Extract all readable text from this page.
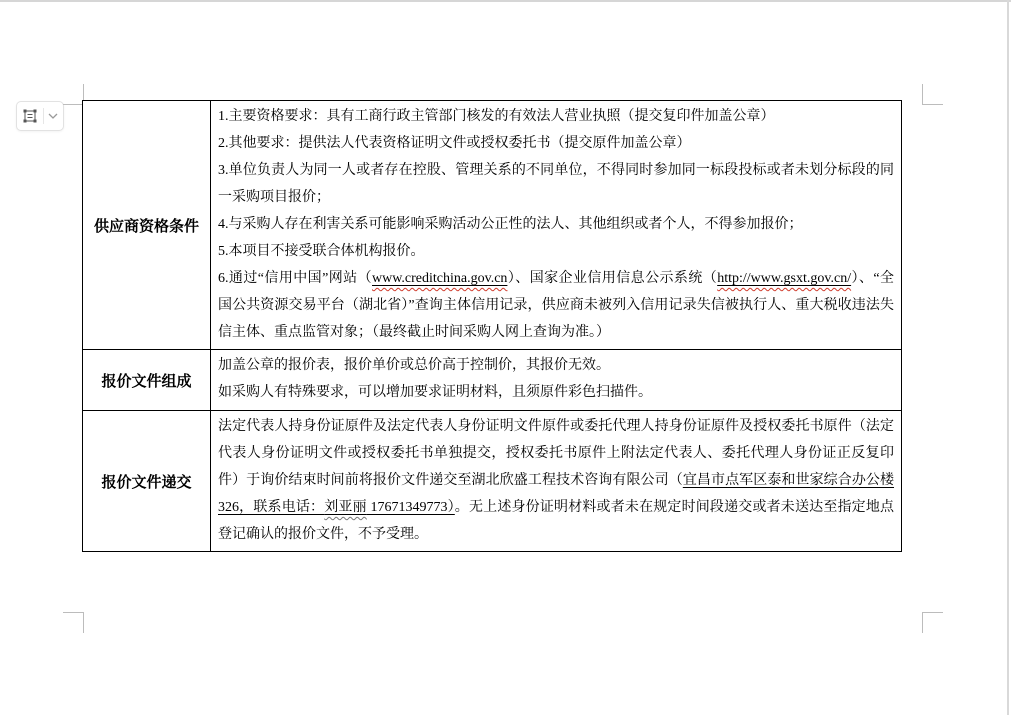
供应商资格条件

1.主要资格要求：具有工商行政主管部门核发的有效法人营业执照（提交复印件加盖公章）

2.其他要求：提供法人代表资格证明文件或授权委托书（提交原件加盖公章）

3.单位负责人为同一人或者存在控股、管理关系的不同单位，不得同时参加同一标段投标或者未划分标段的同一采购项目报价；

4.与采购人存在利害关系可能影响采购活动公正性的法人、其他组织或者个人，不得参加报价；

5.本项目不接受联合体机构报价。

6.通过“信用中国”网站（www.creditchina.gov.cn）、国家企业信用信息公示系统（http://www.gsxt.gov.cn/）、“全国公共资源交易平台（湖北省）”查询主体信用记录，供应商未被列入信用记录失信被执行人、重大税收违法失信主体、重点监管对象；（最终截止时间采购人网上查询为准。）

报价文件组成

加盖公章的报价表，报价单价或总价高于控制价，其报价无效。

如采购人有特殊要求，可以增加要求证明材料，且须原件彩色扫描件。

报价文件递交

法定代表人持身份证原件及法定代表人身份证明文件原件或委托代理人持身份证原件及授权委托书原件（法定代表人身份证明文件或授权委托书单独提交，授权委托书原件上附法定代表人、委托代理人身份证正反复印件）于询价结束时间前将报价文件递交至湖北欣盛工程技术咨询有限公司（宜昌市点军区泰和世家综合办公楼 326，联系电话：刘亚丽 17671349773）。无上述身份证明材料或者未在规定时间段递交或者未送达至指定地点登记确认的报价文件，不予受理。
